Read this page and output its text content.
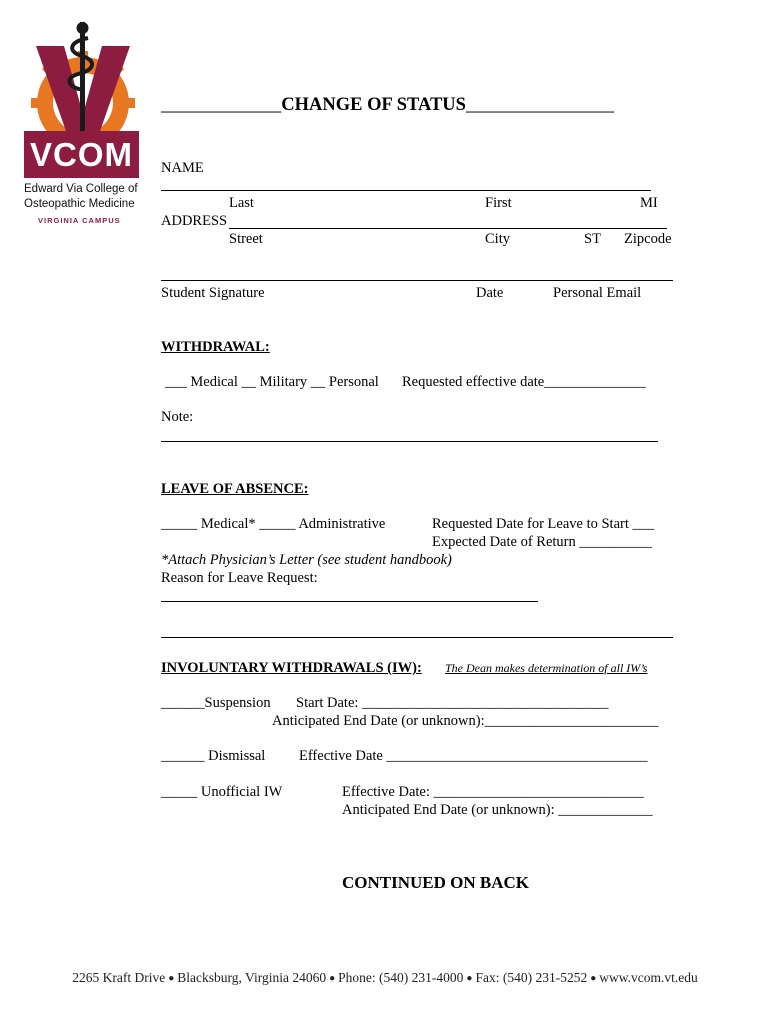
VCOM
Edward Via College of
Osteopathic Medicine
VIRGINIA CAMPUS
_____________CHANGE OF STATUS________________
NAME
Last	First	MI
ADDRESS
Street	City	ST Zipcode
Student Signature	Date	Personal Email
WITHDRAWAL:
___ Medical __ Military __ Personal Requested effective date______________
Note:
LEAVE OF ABSENCE:
_____ Medical* _____ Administrative	Requested Date for Leave to Start ___
Expected Date of Return __________
*Attach Physician’s Letter (see student handbook)
Reason for Leave Request:
INVOLUNTARY WITHDRAWALS (IW): The Dean makes determination of all IW’s
______Suspension Start Date: __________________________________
Anticipated End Date (or unknown):________________________
______ Dismissal Effective Date ____________________________________
_____ Unofficial IW	Effective Date: _____________________________
Anticipated End Date (or unknown): _____________
CONTINUED ON BACK
2265 Kraft Drive ● Blacksburg, Virginia 24060 ● Phone: (540) 231-4000 ● Fax: (540) 231-5252 ● www.vcom.vt.edu
